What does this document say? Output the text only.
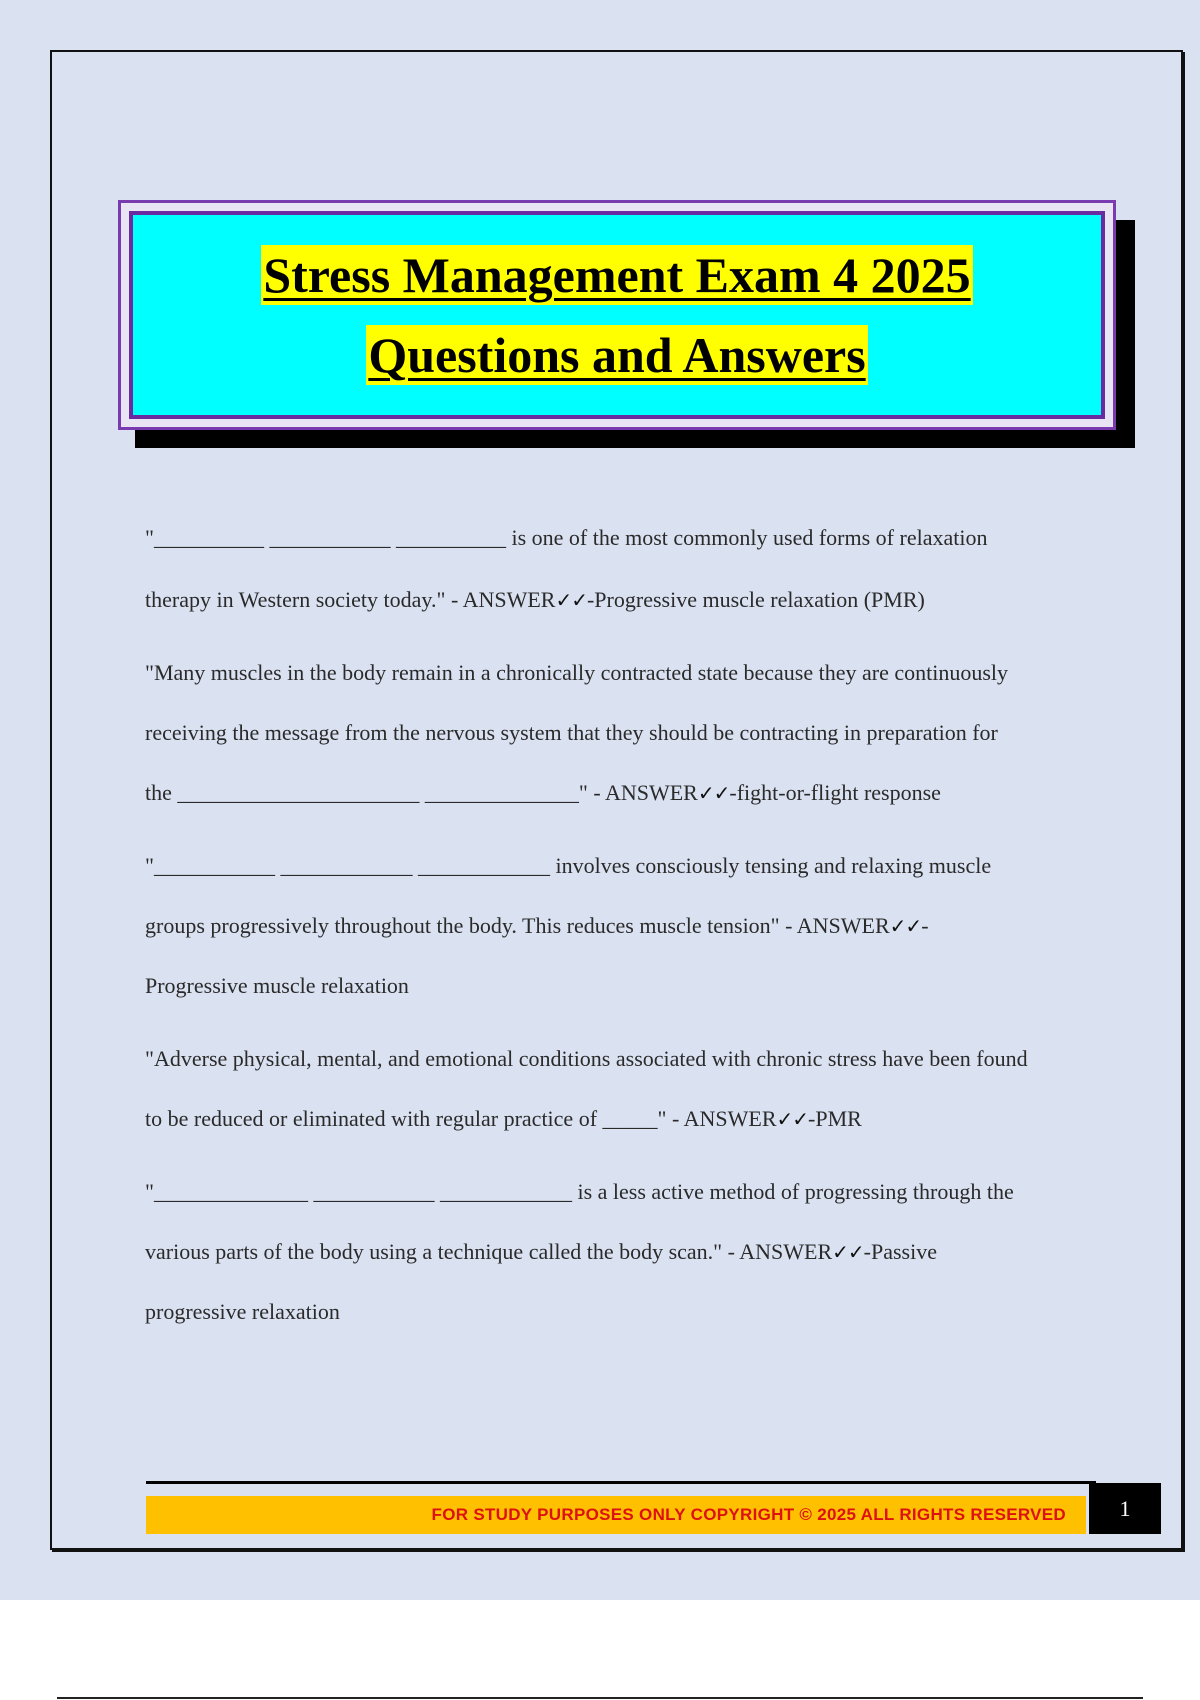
Stress Management Exam 4 2025
Questions and Answers
"__________ ___________ __________ is one of the most commonly used forms of relaxation
therapy in Western society today." - ANSWER✓✓-Progressive muscle relaxation (PMR)
"Many muscles in the body remain in a chronically contracted state because they are continuously
receiving the message from the nervous system that they should be contracting in preparation for
the ______________________ ______________" - ANSWER✓✓-fight-or-flight response
"___________ ____________ ____________ involves consciously tensing and relaxing muscle
groups progressively throughout the body. This reduces muscle tension" - ANSWER✓✓-
Progressive muscle relaxation
"Adverse physical, mental, and emotional conditions associated with chronic stress have been found
to be reduced or eliminated with regular practice of _____" - ANSWER✓✓-PMR
"______________ ___________ ____________ is a less active method of progressing through the
various parts of the body using a technique called the body scan." - ANSWER✓✓-Passive
progressive relaxation
FOR STUDY PURPOSES ONLY COPYRIGHT © 2025 ALL RIGHTS RESERVED	1
